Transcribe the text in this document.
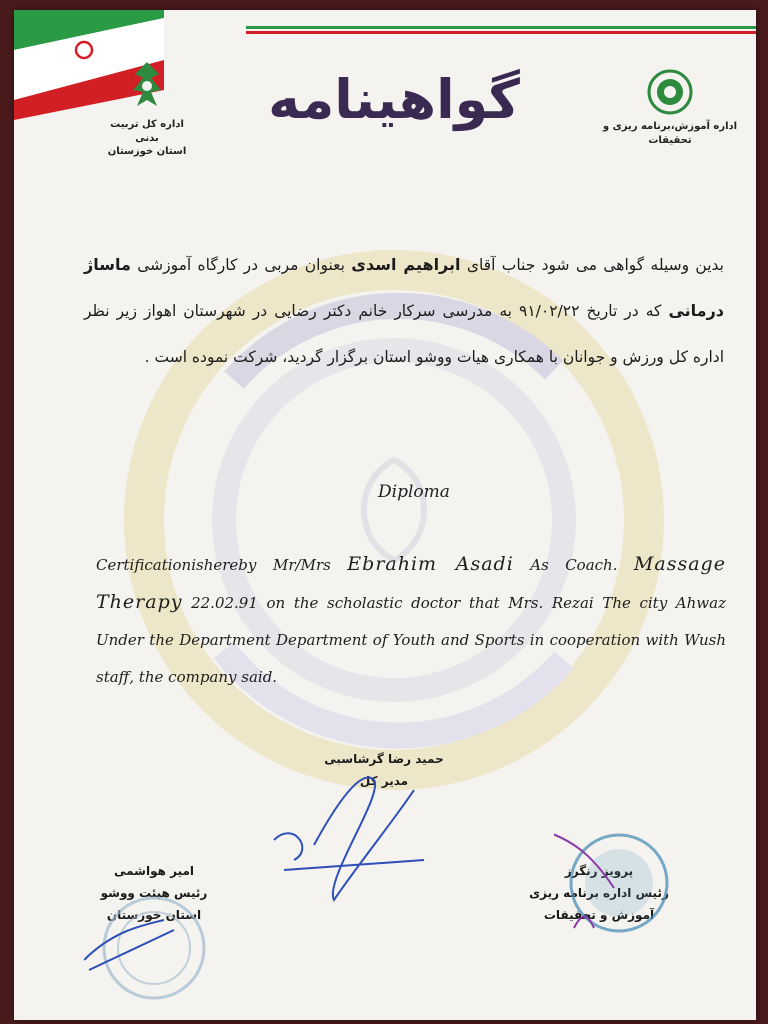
اداره کل تربیت بدنی
استان خوزستان
اداره آموزش،برنامه ریزی و تحقیقات
گواهینامه
بدین وسیله گواهی می شود جناب آقای ابراهیم اسدی بعنوان مربی در کارگاه آموزشی ماساژ درمانی که در تاریخ ۹۱/۰۲/۲۲ به مدرسی سرکار خانم دکتر رضایی در شهرستان اهواز زیر نظر اداره کل ورزش و جوانان با همکاری هیات ووشو استان برگزار گردید، شرکت نموده است .
Diploma
Certificationisherebу Mr/Mrs Ebrahim Asadi As Coach. Massage Therapy 22.02.91 on the scholastic doctor that Mrs. Rezai The city Ahwaz Under the Department Department of Youth and Sports in cooperation with Wush staff, the company said.
حمید رضا گرشاسبی
مدیر کل
امیر هواشمی
رئیس هیئت ووشو
استان خوزستان
پرویز رنگرز
رئیس اداره برنامه ریزی
آموزش و تحقیقات
